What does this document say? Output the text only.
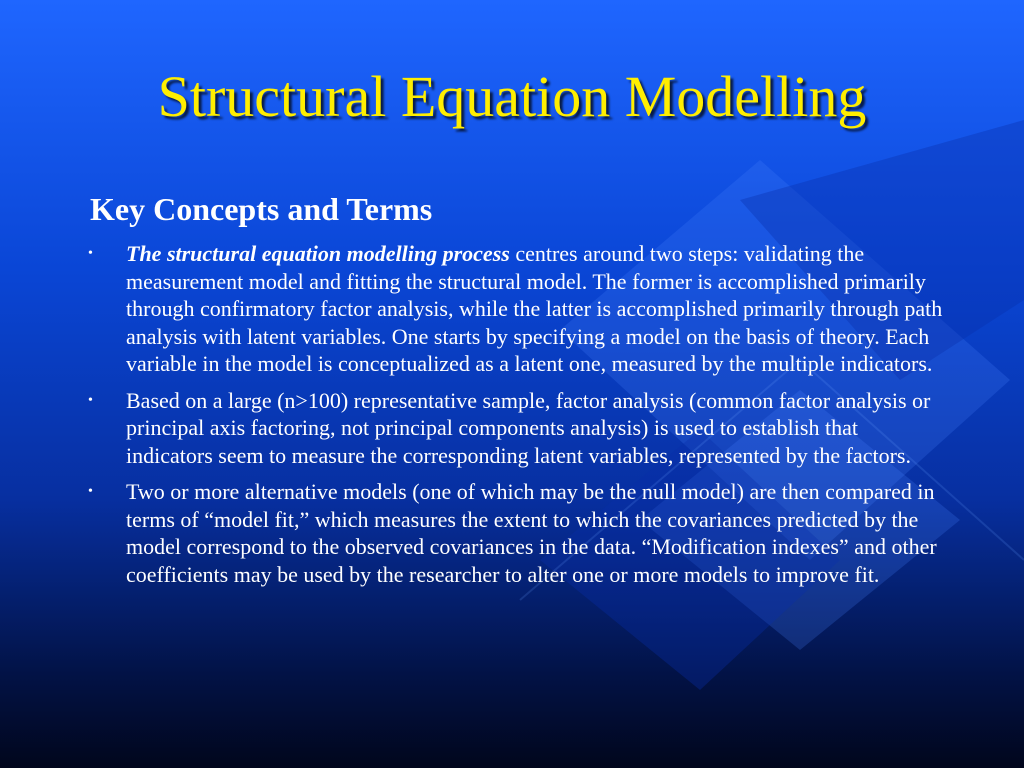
Structural Equation Modelling
Key Concepts and Terms
• The structural equation modelling process centres around two steps: validating the measurement model and fitting the structural model. The former is accomplished primarily through confirmatory factor analysis, while the latter is accomplished primarily through path analysis with latent variables. One starts by specifying a model on the basis of theory. Each variable in the model is conceptualized as a latent one, measured by the multiple indicators.
• Based on a large (n>100) representative sample, factor analysis (common factor analysis or principal axis factoring, not principal components analysis) is used to establish that indicators seem to measure the corresponding latent variables, represented by the factors.
• Two or more alternative models (one of which may be the null model) are then compared in terms of “model fit,” which measures the extent to which the covariances predicted by the model correspond to the observed covariances in the data. “Modification indexes” and other coefficients may be used by the researcher to alter one or more models to improve fit.
